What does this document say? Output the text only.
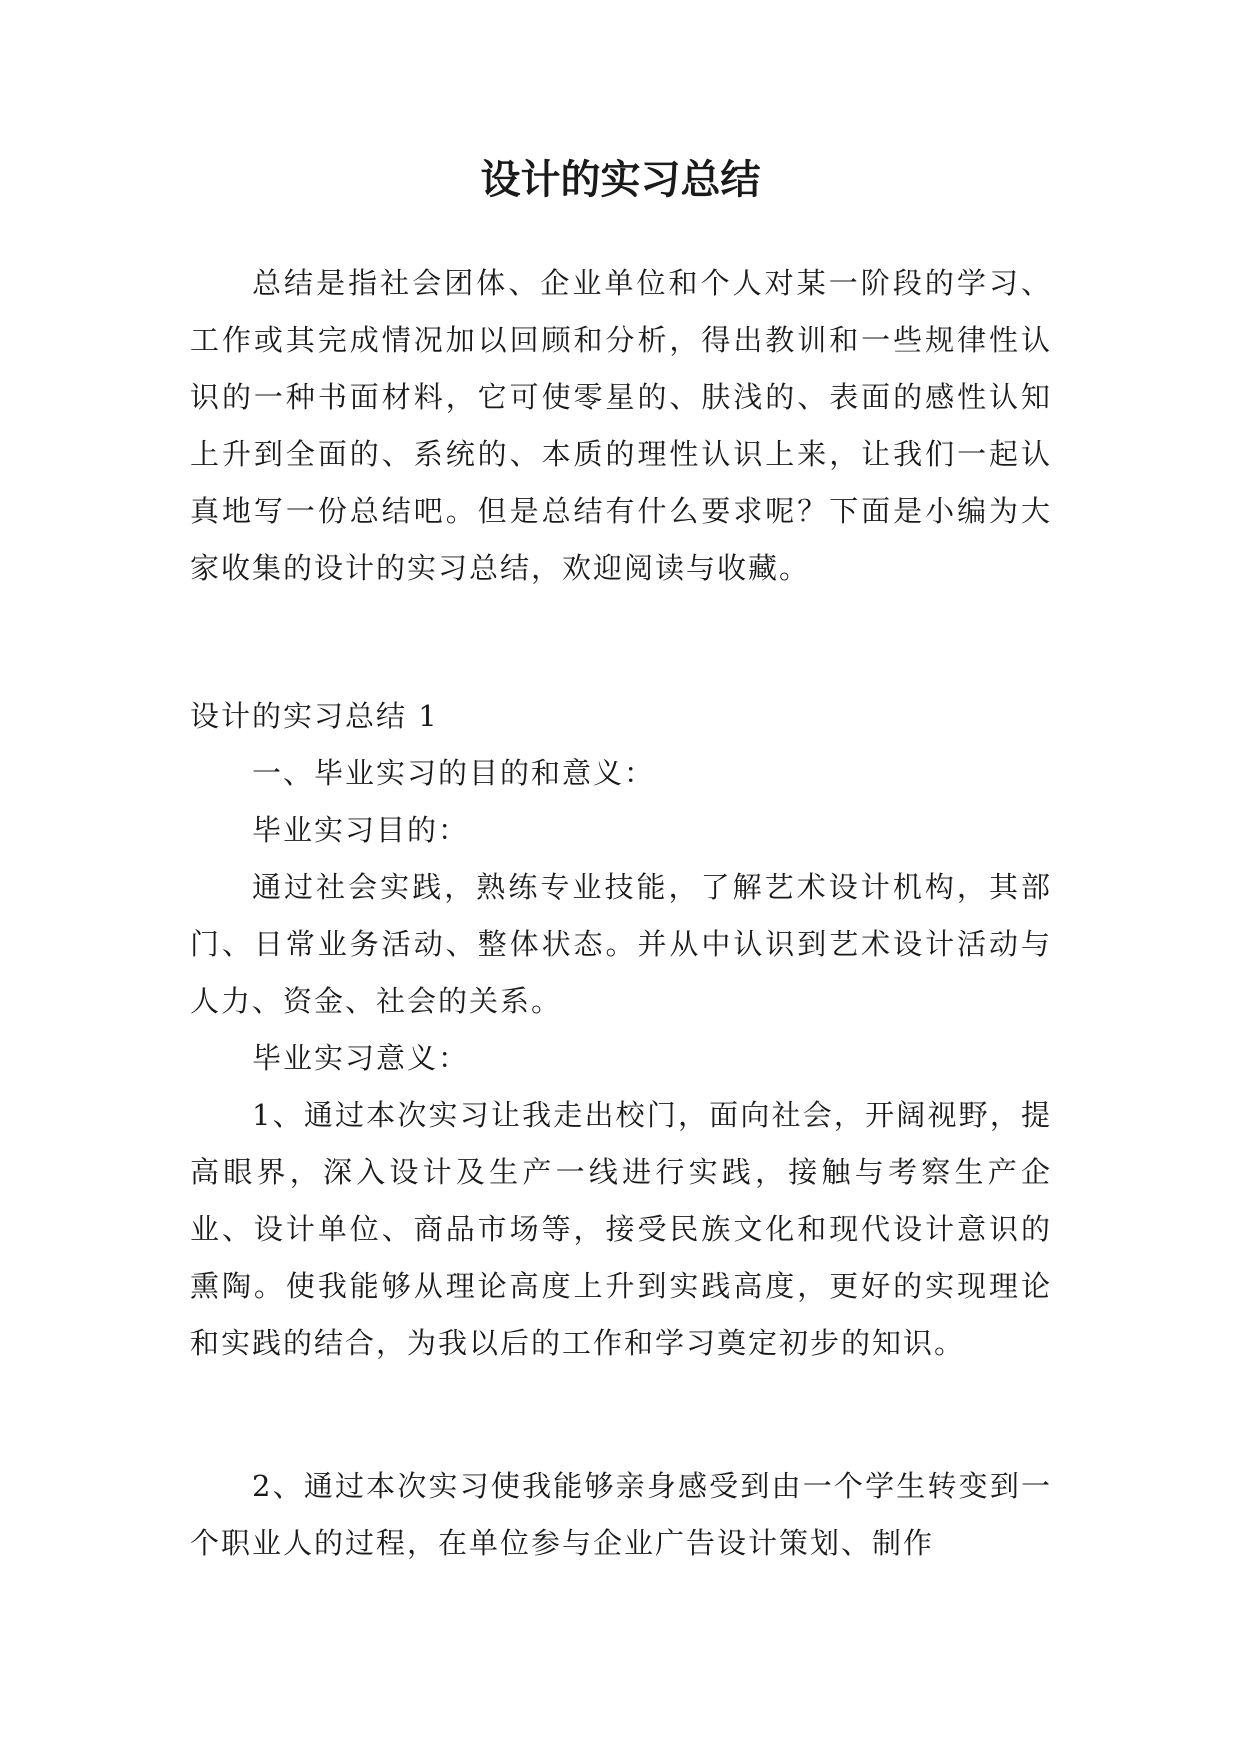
设计的实习总结

总结是指社会团体、企业单位和个人对某一阶段的学习、工作或其完成情况加以回顾和分析，得出教训和一些规律性认识的一种书面材料，它可使零星的、肤浅的、表面的感性认知上升到全面的、系统的、本质的理性认识上来，让我们一起认真地写一份总结吧。但是总结有什么要求呢？下面是小编为大家收集的设计的实习总结，欢迎阅读与收藏。

设计的实习总结 1

一、毕业实习的目的和意义：

毕业实习目的：

通过社会实践，熟练专业技能，了解艺术设计机构，其部门、日常业务活动、整体状态。并从中认识到艺术设计活动与人力、资金、社会的关系。

毕业实习意义：

1、通过本次实习让我走出校门，面向社会，开阔视野，提高眼界，深入设计及生产一线进行实践，接触与考察生产企业、设计单位、商品市场等，接受民族文化和现代设计意识的熏陶。使我能够从理论高度上升到实践高度，更好的实现理论和实践的结合，为我以后的工作和学习奠定初步的知识。

2、通过本次实习使我能够亲身感受到由一个学生转变到一个职业人的过程，在单位参与企业广告设计策划、制作
